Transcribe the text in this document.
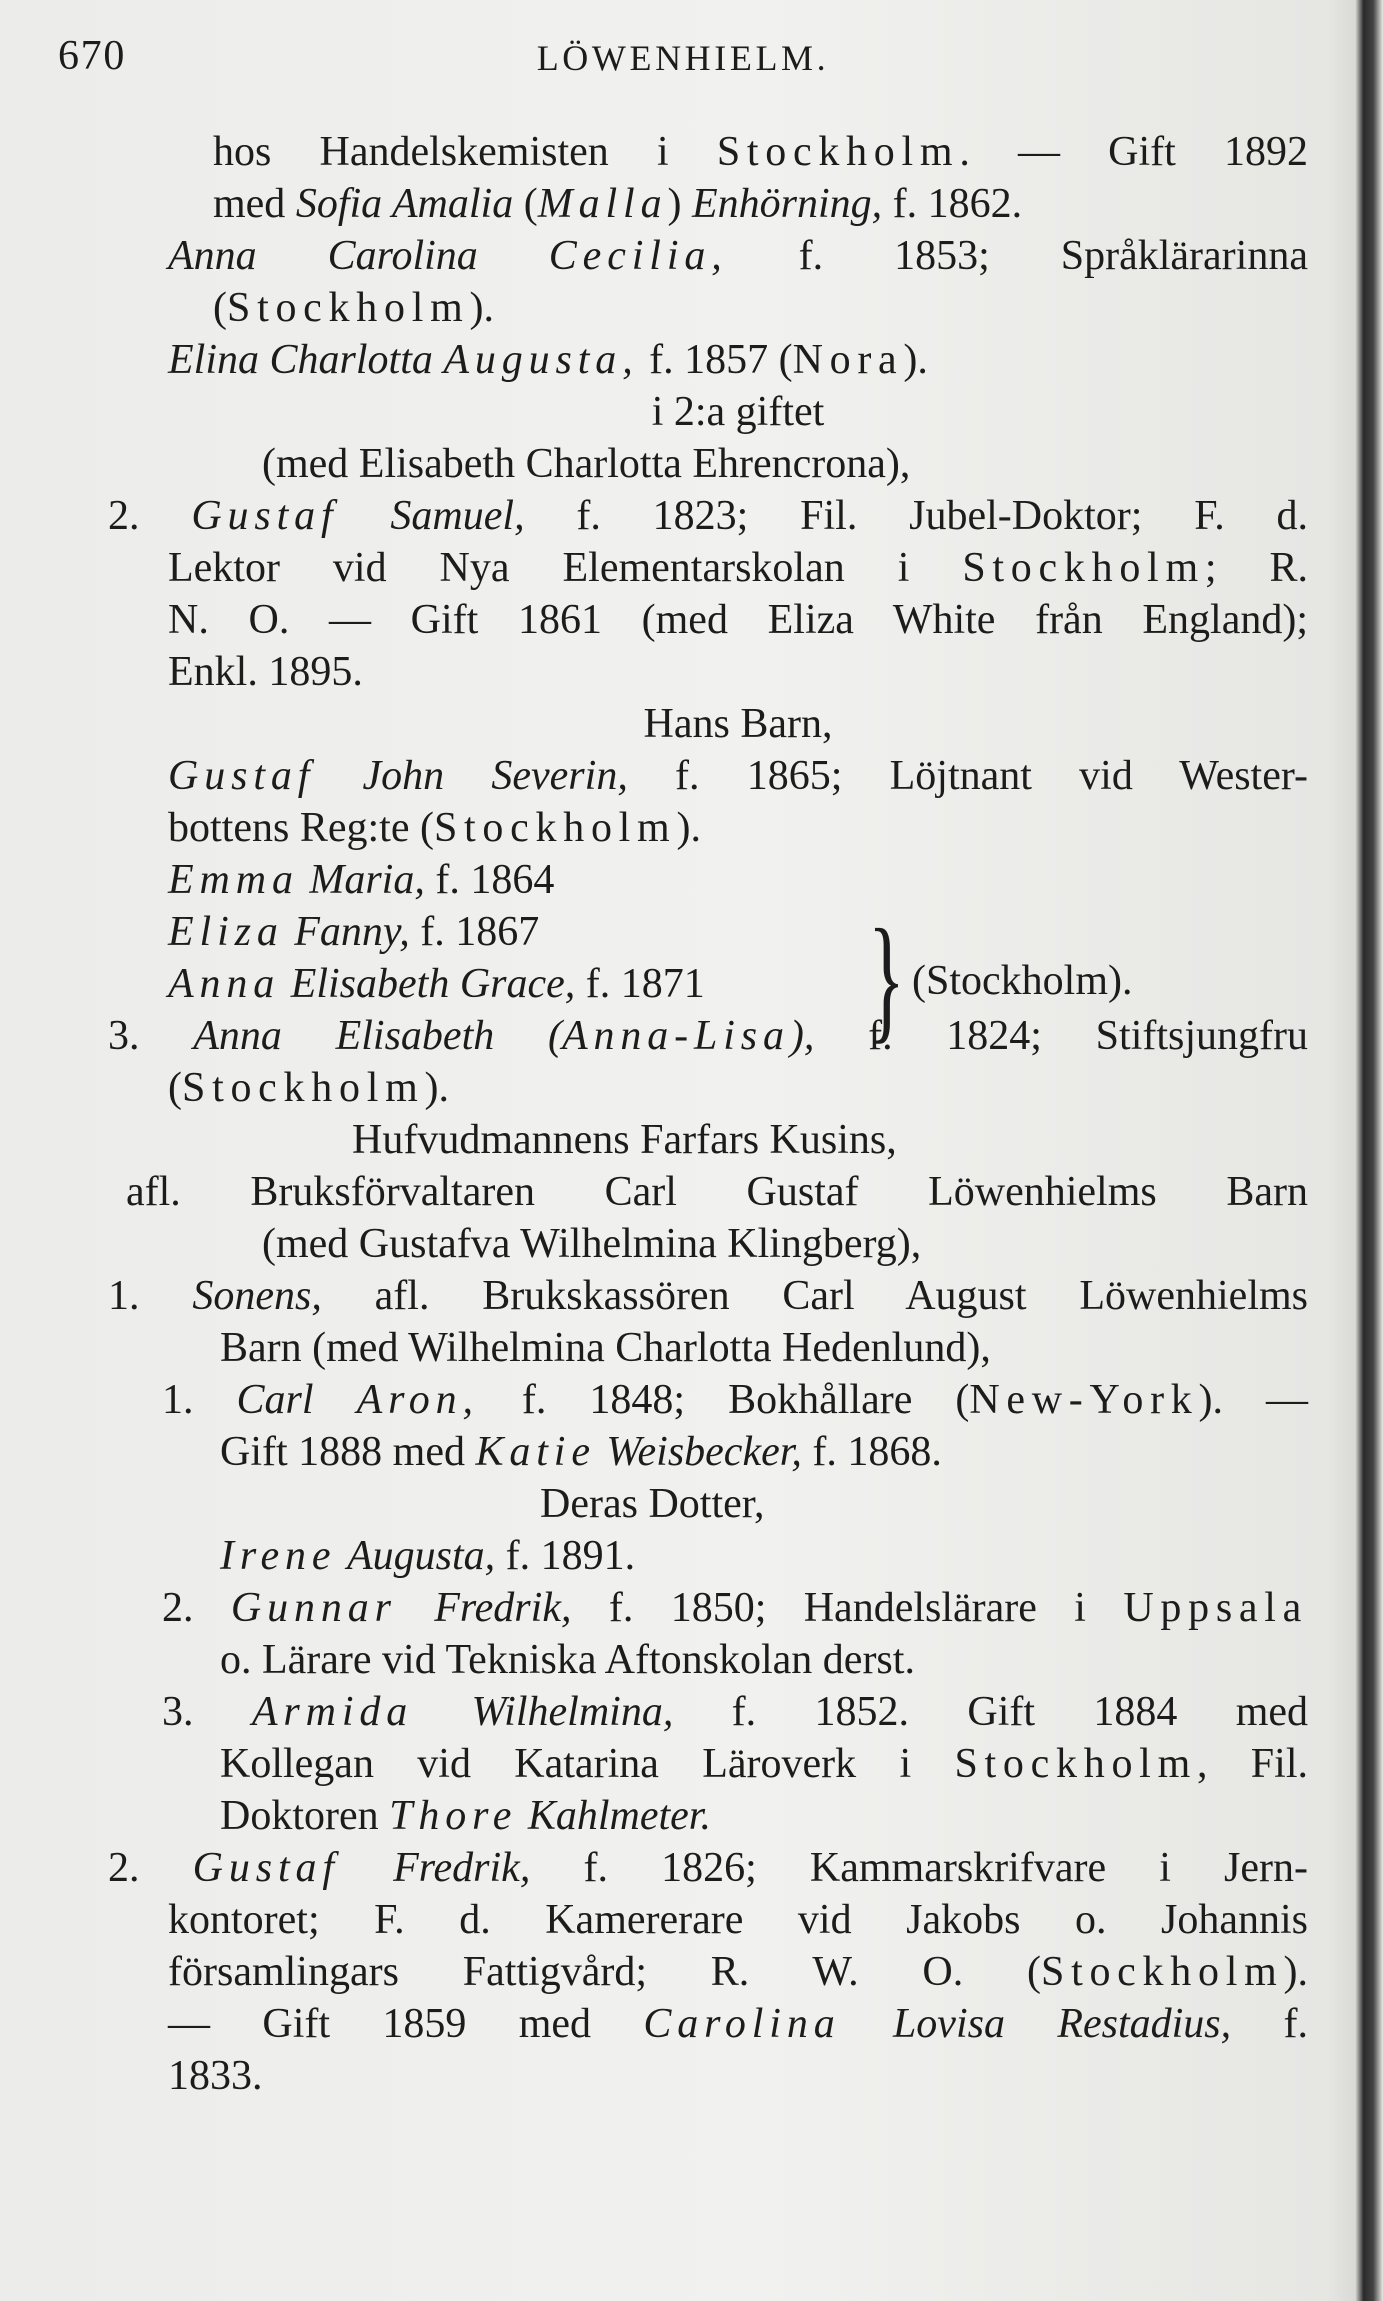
670	LÖWENHIELM.
hos Handelskemisten i Stockholm. — Gift 1892
med Sofia Amalia (Malla) Enhörning, f. 1862.
Anna Carolina Cecilia, f. 1853; Språklärarinna
(Stockholm).
Elina Charlotta Augusta, f. 1857 (Nora).
i 2:a giftet
(med Elisabeth Charlotta Ehrencrona),
2. Gustaf Samuel, f. 1823; Fil. Jubel-Doktor; F. d.
Lektor vid Nya Elementarskolan i Stockholm; R.
N. O. — Gift 1861 (med Eliza White från England);
Enkl. 1895.
Hans Barn,
Gustaf John Severin, f. 1865; Löjtnant vid Wester-
bottens Reg:te (Stockholm).
Emma Maria, f. 1864
Eliza Fanny, f. 1867
Anna Elisabeth Grace, f. 1871
3. Anna Elisabeth (Anna-Lisa), f. 1824; Stiftsjungfru
(Stockholm).
Hufvudmannens Farfars Kusins,
afl. Bruksförvaltaren Carl Gustaf Löwenhielms Barn
(med Gustafva Wilhelmina Klingberg),
1. Sonens, afl. Brukskassören Carl August Löwenhielms
Barn (med Wilhelmina Charlotta Hedenlund),
1. Carl Aron, f. 1848; Bokhållare (New-York). —
Gift 1888 med Katie Weisbecker, f. 1868.
Deras Dotter,
Irene Augusta, f. 1891.
2. Gunnar Fredrik, f. 1850; Handelslärare i Uppsala
o. Lärare vid Tekniska Aftonskolan derst.
3. Armida Wilhelmina, f. 1852. Gift 1884 med
Kollegan vid Katarina Läroverk i Stockholm, Fil.
Doktoren Thore Kahlmeter.
2. Gustaf Fredrik, f. 1826; Kammarskrifvare i Jern-
kontoret; F. d. Kamererare vid Jakobs o. Johannis
församlingars Fattigvård; R. W. O. (Stockholm).
— Gift 1859 med Carolina Lovisa Restadius, f.
1833.
} (Stockholm).
